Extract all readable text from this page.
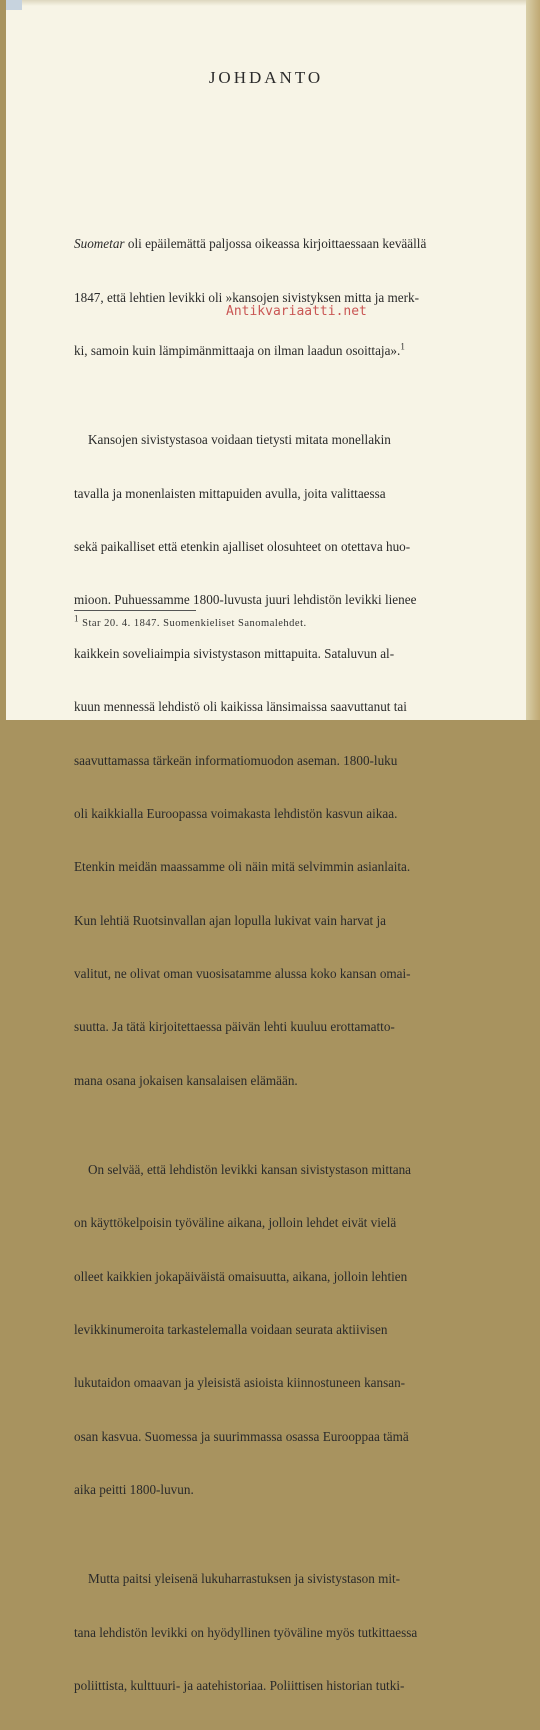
JOHDANTO

Suometar oli epäilemättä paljossa oikeassa kirjoittaessaan keväällä

1847, että lehtien levikki oli »kansojen sivistyksen mitta ja merk-

ki, samoin kuin lämpimänmittaaja on ilman laadun osoittaja».$^1$

Kansojen sivistystasoa voidaan tietysti mitata monellakin

tavalla ja monenlaisten mittapuiden avulla, joita valittaessa

sekä paikalliset että etenkin ajalliset olosuhteet on otettava huo-

mioon. Puhuessamme 1800-luvusta juuri lehdistön levikki lienee

kaikkein soveliaimpia sivistystason mittapuita. Sataluvun al-

kuun mennessä lehdistö oli kaikissa länsimaissa saavuttanut tai

saavuttamassa tärkeän informatiomuodon aseman. 1800-luku

oli kaikkialla Euroopassa voimakasta lehdistön kasvun aikaa.

Etenkin meidän maassamme oli näin mitä selvimmin asianlaita.

Kun lehtiä Ruotsinvallan ajan lopulla lukivat vain harvat ja

valitut, ne olivat oman vuosisatamme alussa koko kansan omai-

suutta. Ja tätä kirjoitettaessa päivän lehti kuuluu erottamatto-

mana osana jokaisen kansalaisen elämään.

On selvää, että lehdistön levikki kansan sivistystason mittana

on käyttökelpoisin työväline aikana, jolloin lehdet eivät vielä

olleet kaikkien jokapäiväistä omaisuutta, aikana, jolloin lehtien

levikkinumeroita tarkastelemalla voidaan seurata aktiivisen

lukutaidon omaavan ja yleisistä asioista kiinnostuneen kansan-

osan kasvua. Suomessa ja suurimmassa osassa Eurooppaa tämä

aika peitti 1800-luvun.

Mutta paitsi yleisenä lukuharrastuksen ja sivistystason mit-

tana lehdistön levikki on hyödyllinen työväline myös tutkittaessa

poliittista, kulttuuri- ja aatehistoriaa. Poliittisen historian tutki-

Antikvariaatti.net
1 Star 20. 4. 1847. Suomenkieliset Sanomalehdet.
